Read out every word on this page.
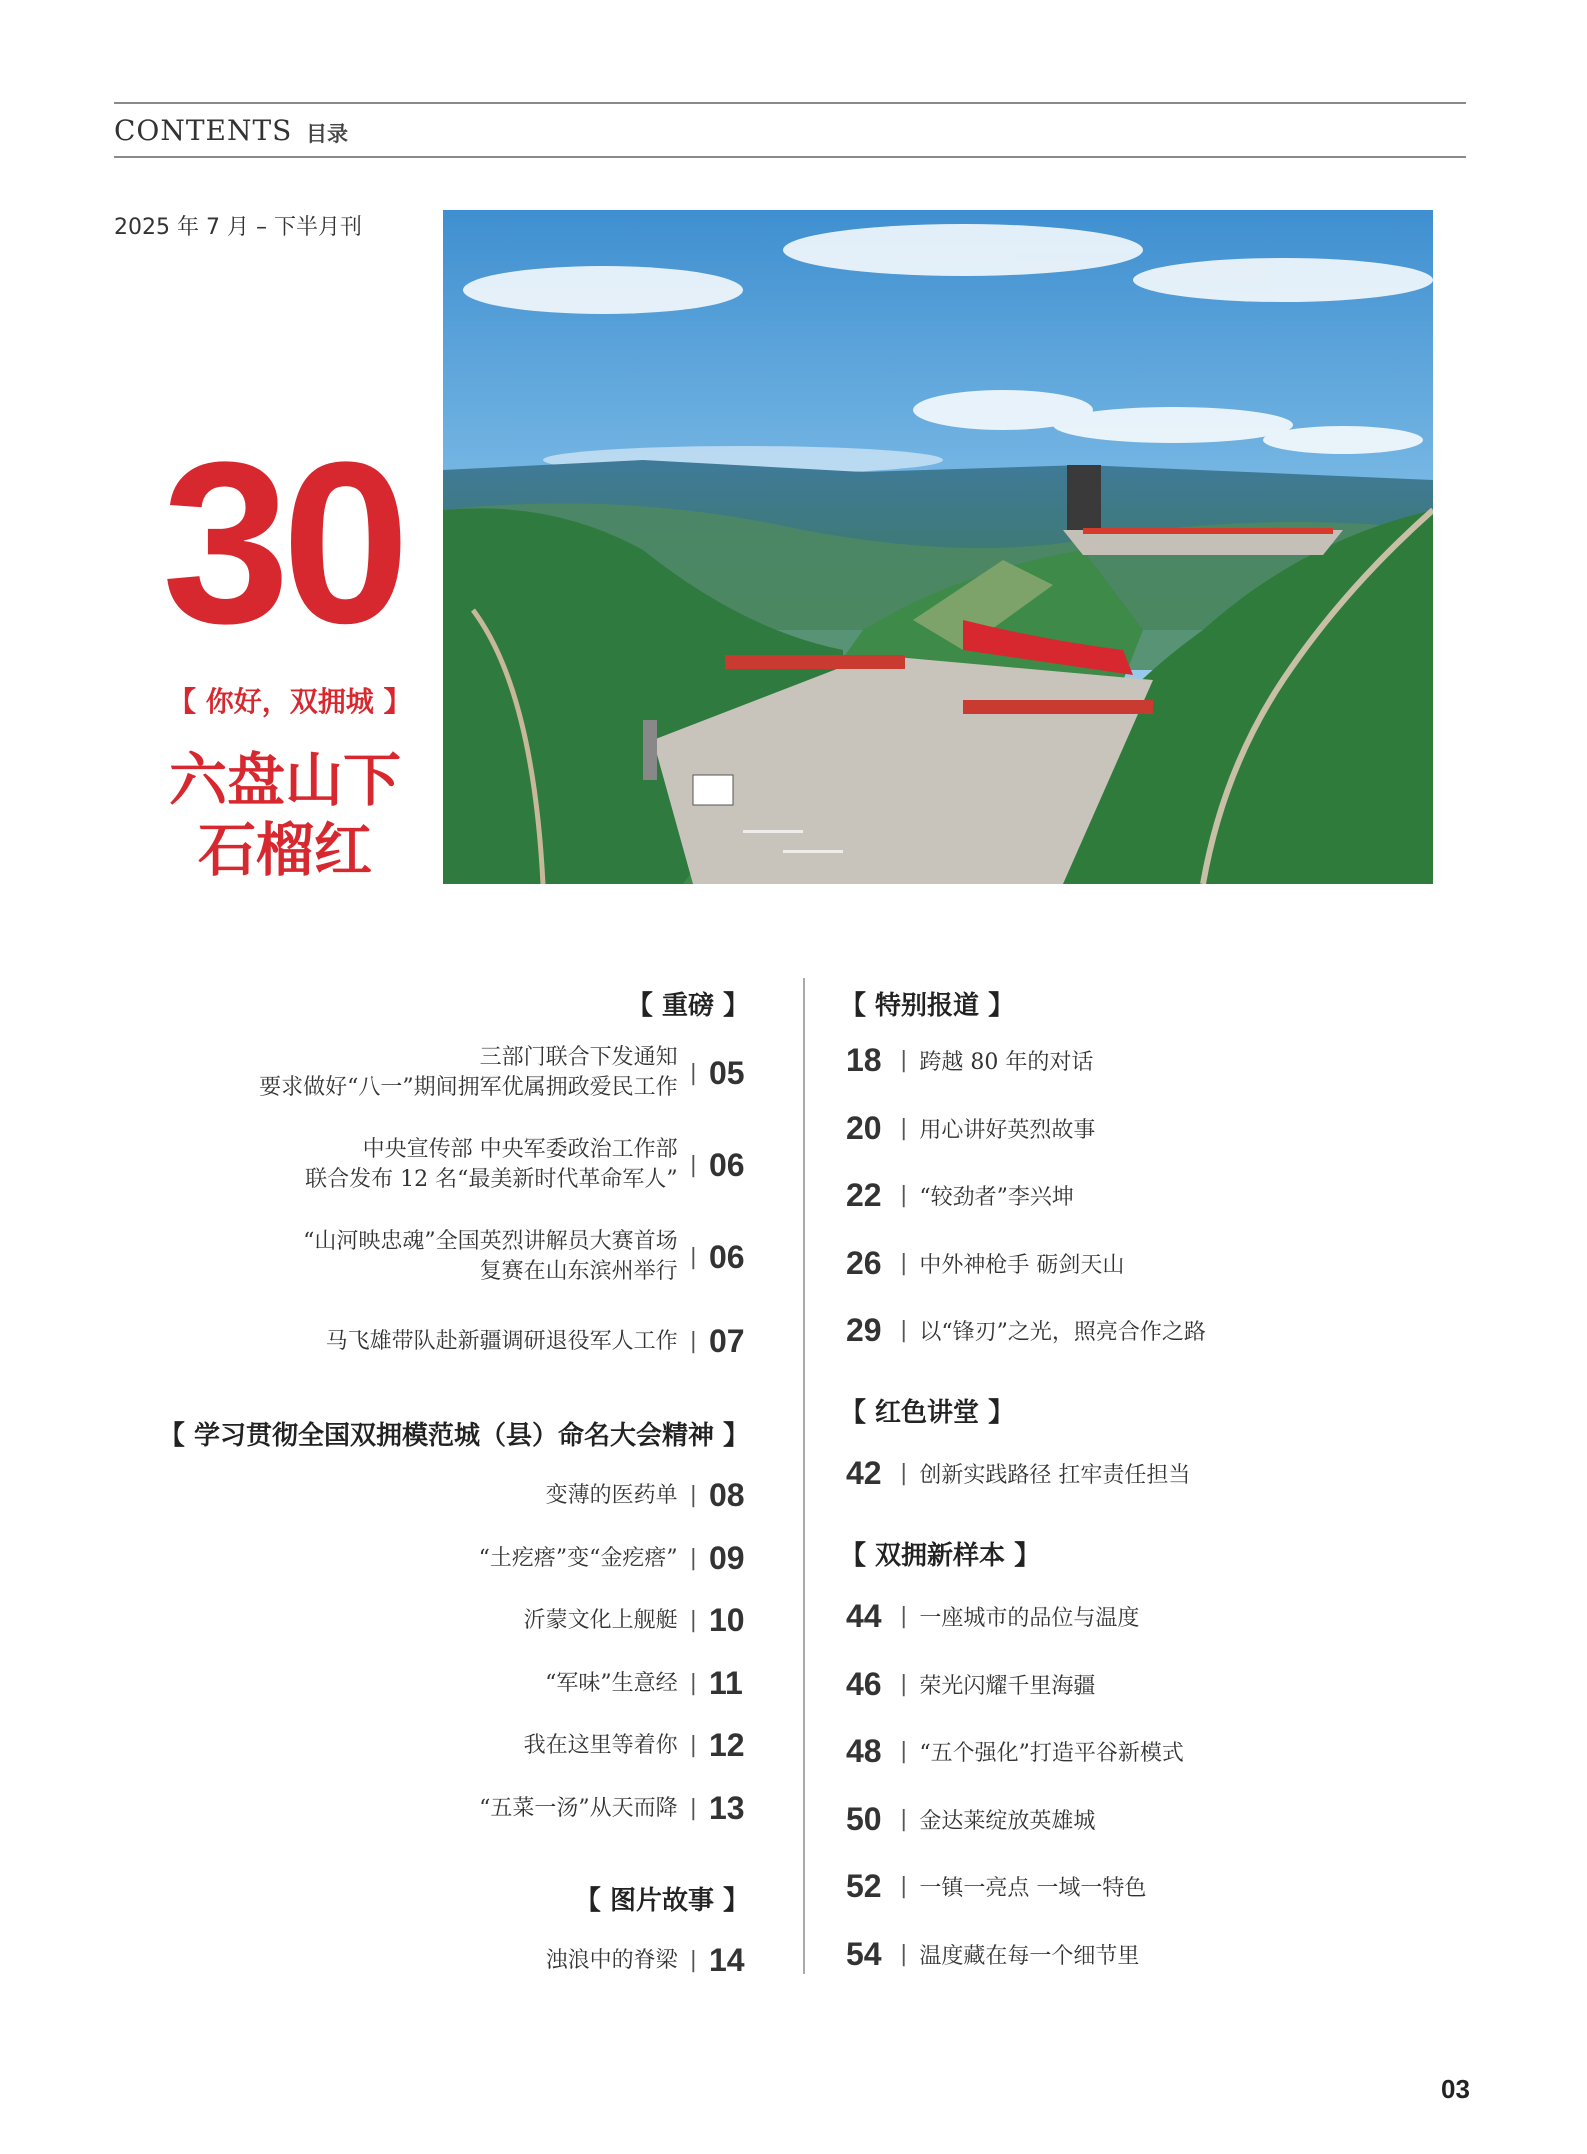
CONTENTS 目录
2025 年 7 月 – 下半月刊
30
【 你好，双拥城 】
六盘山下
石榴红
【 重磅 】
三部门联合下发通知
要求做好“八一”期间拥军优属拥政爱民工作
| 05
中央宣传部 中央军委政治工作部
联合发布 12 名“最美新时代革命军人”
| 06
“山河映忠魂”全国英烈讲解员大赛首场
复赛在山东滨州举行
| 06
马飞雄带队赴新疆调研退役军人工作 | 07
【 学习贯彻全国双拥模范城（县）命名大会精神 】
变薄的医药单 | 08
“土疙瘩”变“金疙瘩” | 09
沂蒙文化上舰艇 | 10
“军味”生意经 | 11
我在这里等着你 | 12
“五菜一汤”从天而降 | 13
【 图片故事 】
浊浪中的脊梁 | 14
【 特别报道 】
18 | 跨越 80 年的对话
20 | 用心讲好英烈故事
22 | “较劲者”李兴坤
26 | 中外神枪手 砺剑天山
29 | 以“锋刃”之光，照亮合作之路
【 红色讲堂 】
42 | 创新实践路径 扛牢责任担当
【 双拥新样本 】
44 | 一座城市的品位与温度
46 | 荣光闪耀千里海疆
48 | “五个强化”打造平谷新模式
50 | 金达莱绽放英雄城
52 | 一镇一亮点 一域一特色
54 | 温度藏在每一个细节里
03
